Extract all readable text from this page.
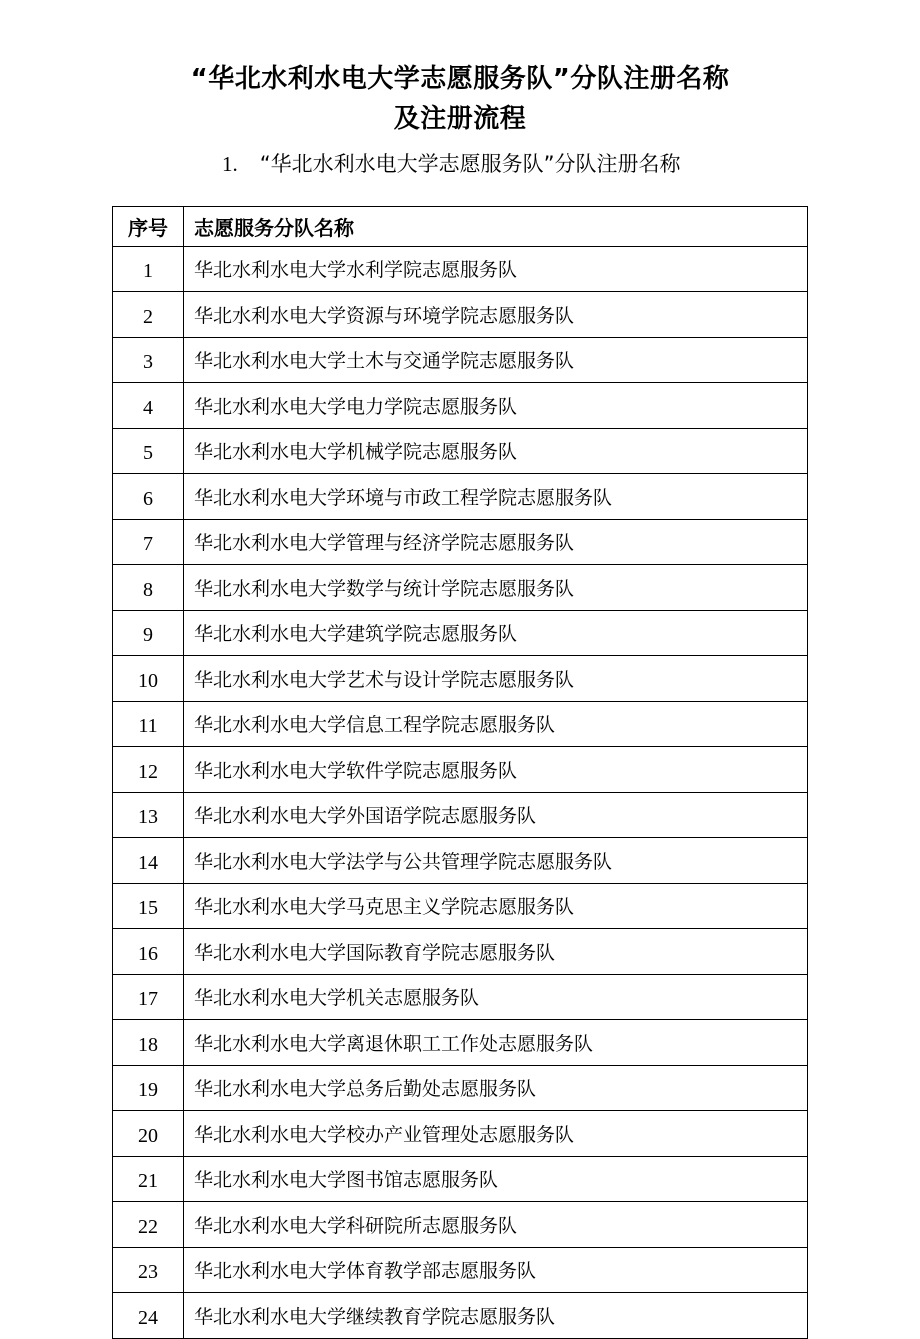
“华北水利水电大学志愿服务队”分队注册名称
及注册流程
1. “华北水利水电大学志愿服务队”分队注册名称
序号	志愿服务分队名称
1	华北水利水电大学水利学院志愿服务队
2	华北水利水电大学资源与环境学院志愿服务队
3	华北水利水电大学土木与交通学院志愿服务队
4	华北水利水电大学电力学院志愿服务队
5	华北水利水电大学机械学院志愿服务队
6	华北水利水电大学环境与市政工程学院志愿服务队
7	华北水利水电大学管理与经济学院志愿服务队
8	华北水利水电大学数学与统计学院志愿服务队
9	华北水利水电大学建筑学院志愿服务队
10	华北水利水电大学艺术与设计学院志愿服务队
11	华北水利水电大学信息工程学院志愿服务队
12	华北水利水电大学软件学院志愿服务队
13	华北水利水电大学外国语学院志愿服务队
14	华北水利水电大学法学与公共管理学院志愿服务队
15	华北水利水电大学马克思主义学院志愿服务队
16	华北水利水电大学国际教育学院志愿服务队
17	华北水利水电大学机关志愿服务队
18	华北水利水电大学离退休职工工作处志愿服务队
19	华北水利水电大学总务后勤处志愿服务队
20	华北水利水电大学校办产业管理处志愿服务队
21	华北水利水电大学图书馆志愿服务队
22	华北水利水电大学科研院所志愿服务队
23	华北水利水电大学体育教学部志愿服务队
24	华北水利水电大学继续教育学院志愿服务队
